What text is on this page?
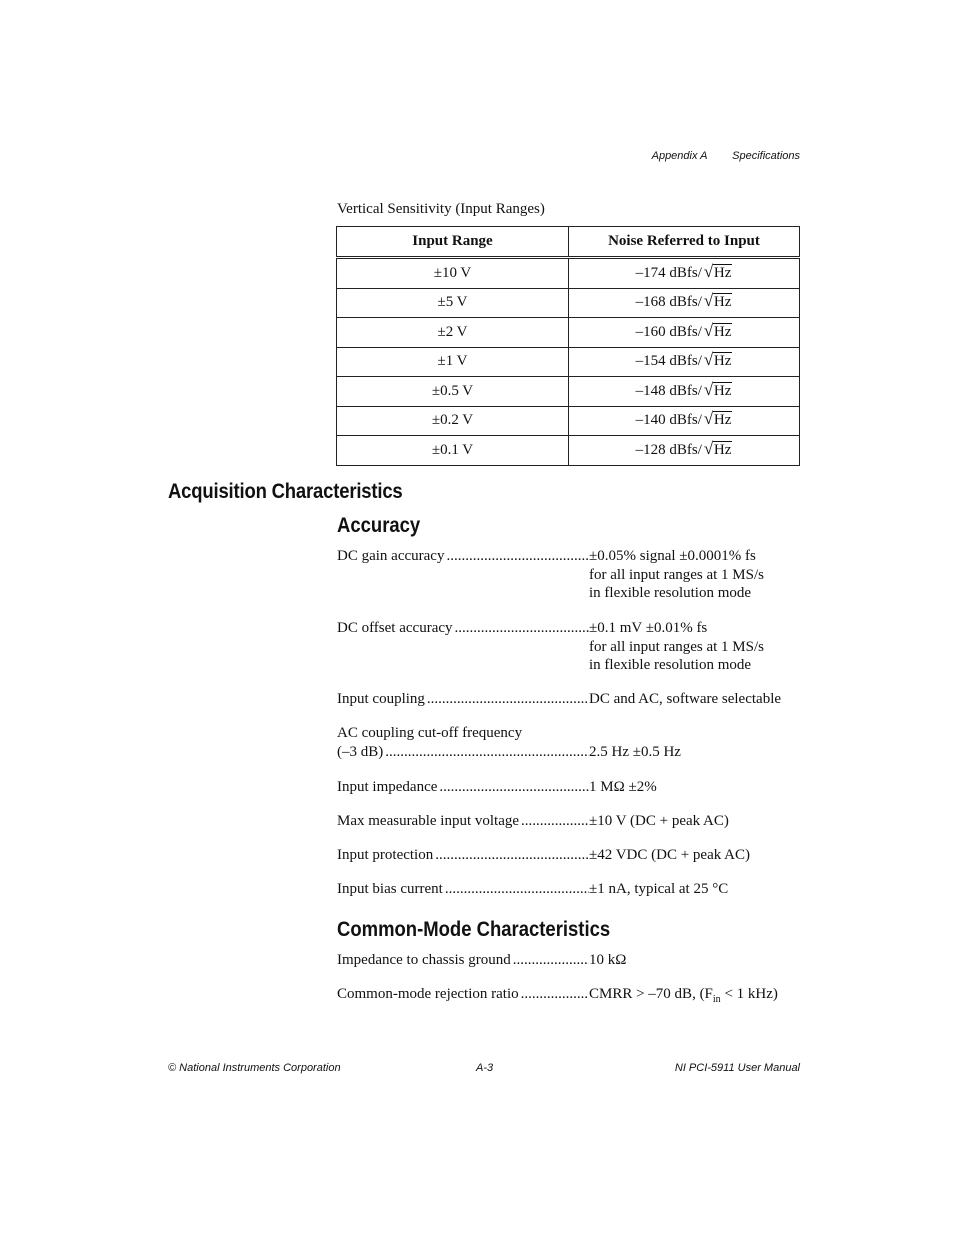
Appendix A Specifications
Vertical Sensitivity (Input Ranges)
Input Range	Noise Referred to Input
±10 V	–174 dBfs/ √ Hz
±5 V	–168 dBfs/ √ Hz
±2 V	–160 dBfs/ √ Hz
±1 V	–154 dBfs/ √ Hz
±0.5 V	–148 dBfs/ √ Hz
±0.2 V	–140 dBfs/ √ Hz
±0.1 V	–128 dBfs/ √ Hz
Acquisition Characteristics
Accuracy
DC gain accuracy .....	±0.05% signal ±0.0001% fs
for all input ranges at 1 MS/s
in flexible resolution mode
DC offset accuracy .....	±0.1 mV ±0.01% fs
for all input ranges at 1 MS/s
in flexible resolution mode
Input coupling .....	DC and AC, software selectable
AC coupling cut-off frequency
(–3 dB) .....	2.5 Hz ±0.5 Hz
Input impedance .....	1 MΩ ±2%
Max measurable input voltage .....	±10 V (DC + peak AC)
Input protection .....	±42 VDC (DC + peak AC)
Input bias current .....	±1 nA, typical at 25 °C
Common-Mode Characteristics
Impedance to chassis ground .....	10 kΩ
Common-mode rejection ratio .....	CMRR > –70 dB, ($F_{in} < 1$ kHz)
© National Instruments Corporation	A-3	NI PCI-5911 User Manual
